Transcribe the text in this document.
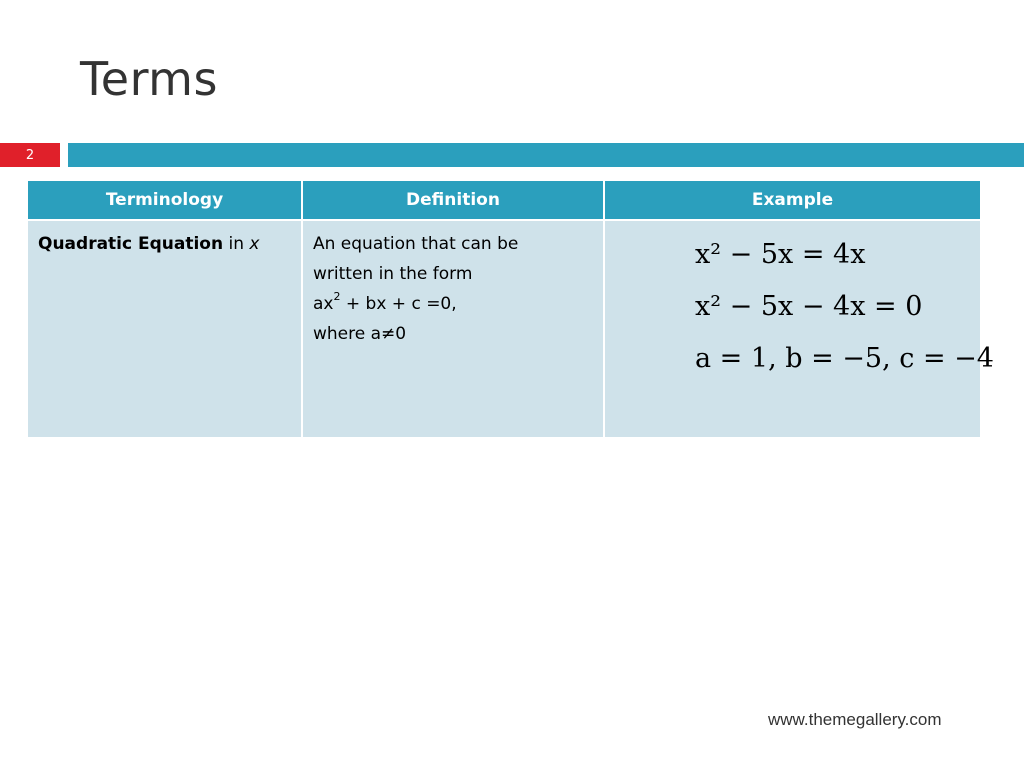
Terms
2
Terminology	Definition	Example
Quadratic Equation in x	An equation that can be
written in the form
$ax^2$ + bx + c =0,
where a≠0	x² − 5x = 4x
x² − 5x − 4x = 0
a = 1, b = −5, c = −4
www.themegallery.com
